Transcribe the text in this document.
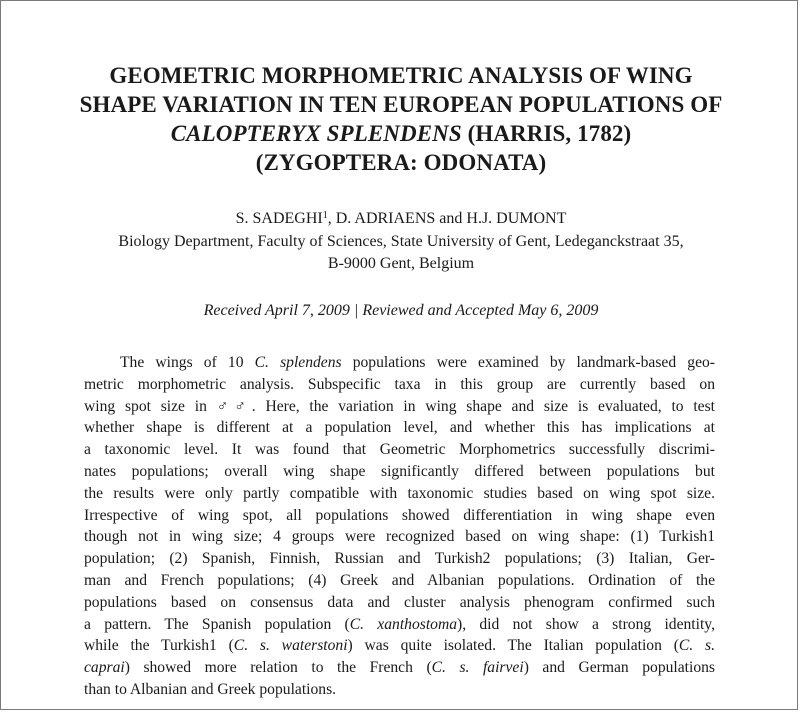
GEOMETRIC MORPHOMETRIC ANALYSIS OF WING
SHAPE VARIATION IN TEN EUROPEAN POPULATIONS OF
CALOPTERYX SPLENDENS (HARRIS, 1782)
(ZYGOPTERA: ODONATA)
S. SADEGHI$^1$, D. ADRIAENS and H.J. DUMONT
Biology Department, Faculty of Sciences, State University of Gent, Ledeganckstraat 35,
B-9000 Gent, Belgium
Received April 7, 2009 | Reviewed and Accepted May 6, 2009
The wings of 10 C. splendens populations were examined by landmark-based geo-
metric morphometric analysis. Subspecific taxa in this group are currently based on
wing spot size in ♂♂. Here, the variation in wing shape and size is evaluated, to test
whether shape is different at a population level, and whether this has implications at
a taxonomic level. It was found that Geometric Morphometrics successfully discrimi-
nates populations; overall wing shape significantly differed between populations but
the results were only partly compatible with taxonomic studies based on wing spot size.
Irrespective of wing spot, all populations showed differentiation in wing shape even
though not in wing size; 4 groups were recognized based on wing shape: (1) Turkish1
population; (2) Spanish, Finnish, Russian and Turkish2 populations; (3) Italian, Ger-
man and French populations; (4) Greek and Albanian populations. Ordination of the
populations based on consensus data and cluster analysis phenogram confirmed such
a pattern. The Spanish population (C. xanthostoma), did not show a strong identity,
while the Turkish1 (C. s. waterstoni) was quite isolated. The Italian population (C. s.
caprai) showed more relation to the French (C. s. fairvei) and German populations
than to Albanian and Greek populations.
